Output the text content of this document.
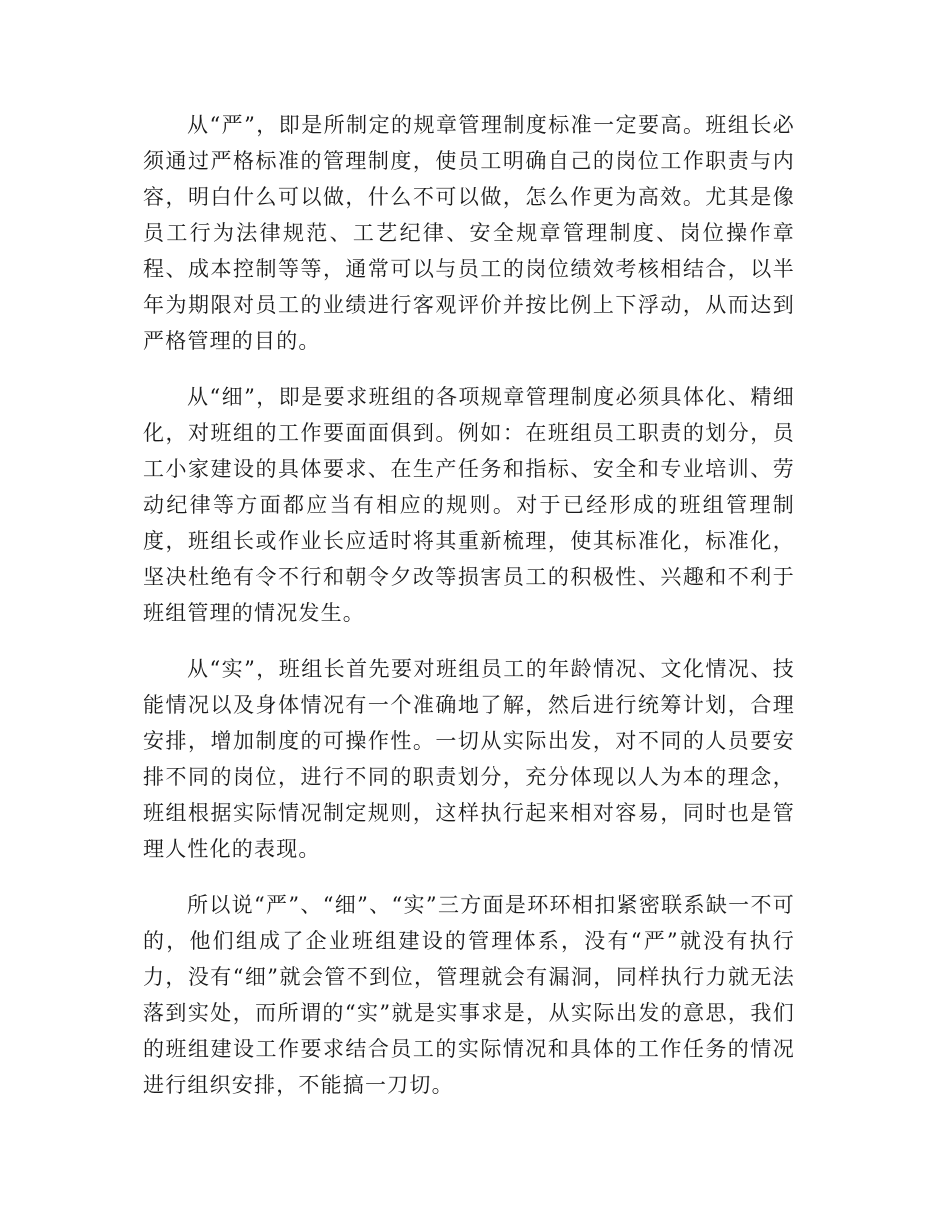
从“严”，即是所制定的规章管理制度标准一定要高。班组长必须通过严格标准的管理制度，使员工明确自己的岗位工作职责与内容，明白什么可以做，什么不可以做，怎么作更为高效。尤其是像员工行为法律规范、工艺纪律、安全规章管理制度、岗位操作章程、成本控制等等，通常可以与员工的岗位绩效考核相结合，以半年为期限对员工的业绩进行客观评价并按比例上下浮动，从而达到严格管理的目的。

从“细”，即是要求班组的各项规章管理制度必须具体化、精细化，对班组的工作要面面俱到。例如：在班组员工职责的划分，员工小家建设的具体要求、在生产任务和指标、安全和专业培训、劳动纪律等方面都应当有相应的规则。对于已经形成的班组管理制度，班组长或作业长应适时将其重新梳理，使其标准化，标准化，坚决杜绝有令不行和朝令夕改等损害员工的积极性、兴趣和不利于班组管理的情况发生。

从“实”，班组长首先要对班组员工的年龄情况、文化情况、技能情况以及身体情况有一个准确地了解，然后进行统筹计划，合理安排，增加制度的可操作性。一切从实际出发，对不同的人员要安排不同的岗位，进行不同的职责划分，充分体现以人为本的理念，班组根据实际情况制定规则，这样执行起来相对容易，同时也是管理人性化的表现。

所以说“严”、“细”、“实”三方面是环环相扣紧密联系缺一不可的，他们组成了企业班组建设的管理体系，没有“严”就没有执行力，没有“细”就会管不到位，管理就会有漏洞，同样执行力就无法落到实处，而所谓的“实”就是实事求是，从实际出发的意思，我们的班组建设工作要求结合员工的实际情况和具体的工作任务的情况进行组织安排，不能搞一刀切。
